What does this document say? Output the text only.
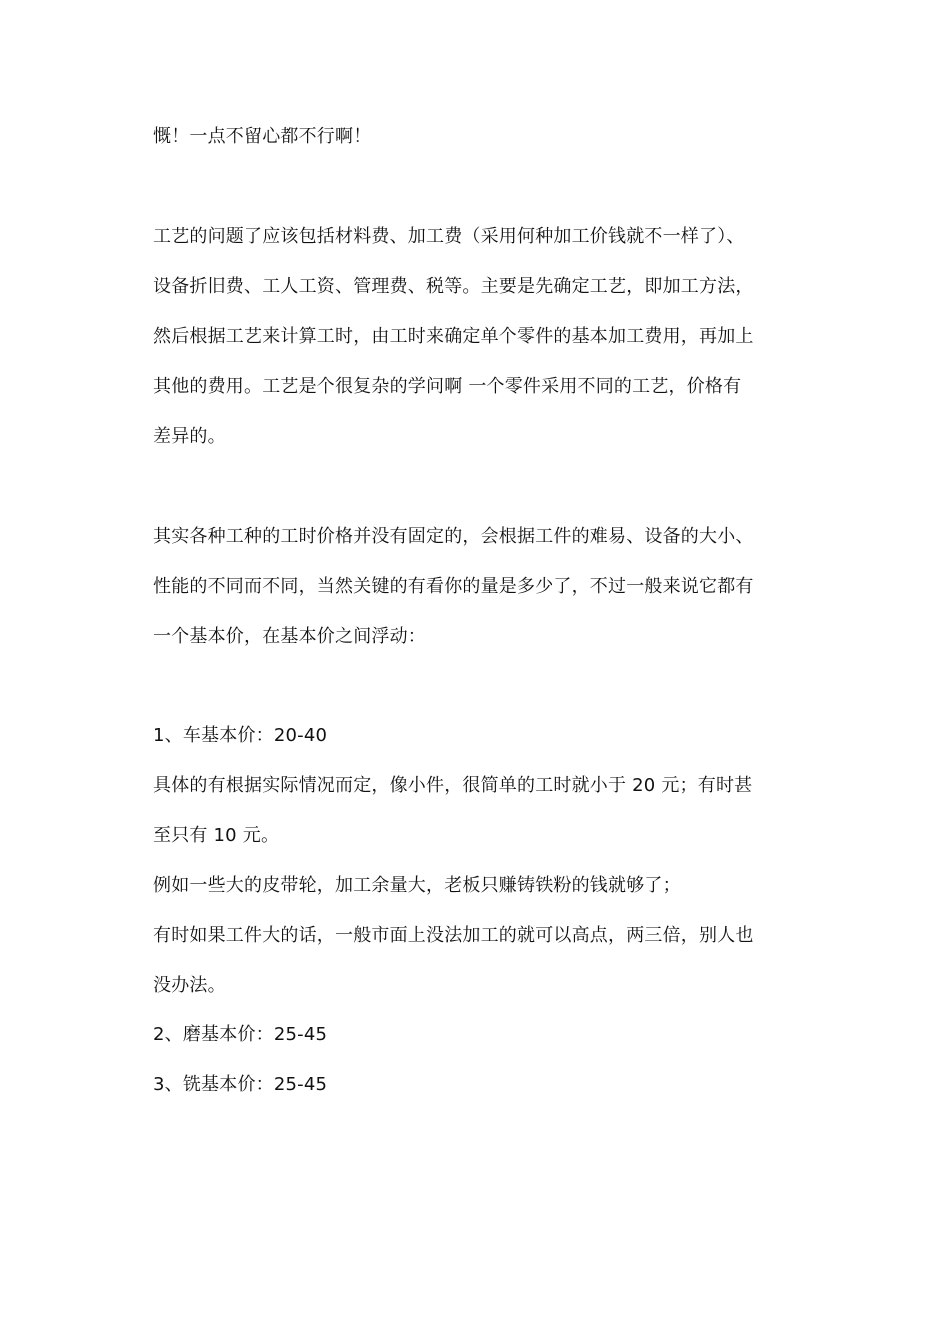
慨！一点不留心都不行啊！
工艺的问题了应该包括材料费、加工费（采用何种加工价钱就不一样了）、
设备折旧费、工人工资、管理费、税等。主要是先确定工艺，即加工方法，
然后根据工艺来计算工时，由工时来确定单个零件的基本加工费用，再加上
其他的费用。工艺是个很复杂的学问啊 一个零件采用不同的工艺，价格有
差异的。
其实各种工种的工时价格并没有固定的，会根据工件的难易、设备的大小、
性能的不同而不同，当然关键的有看你的量是多少了，不过一般来说它都有
一个基本价，在基本价之间浮动：
1、车基本价：20-40
具体的有根据实际情况而定，像小件，很简单的工时就小于 20 元；有时甚
至只有 10 元。
例如一些大的皮带轮，加工余量大，老板只赚铸铁粉的钱就够了；
有时如果工件大的话，一般市面上没法加工的就可以高点，两三倍，别人也
没办法。
2、磨基本价：25-45
3、铣基本价：25-45
